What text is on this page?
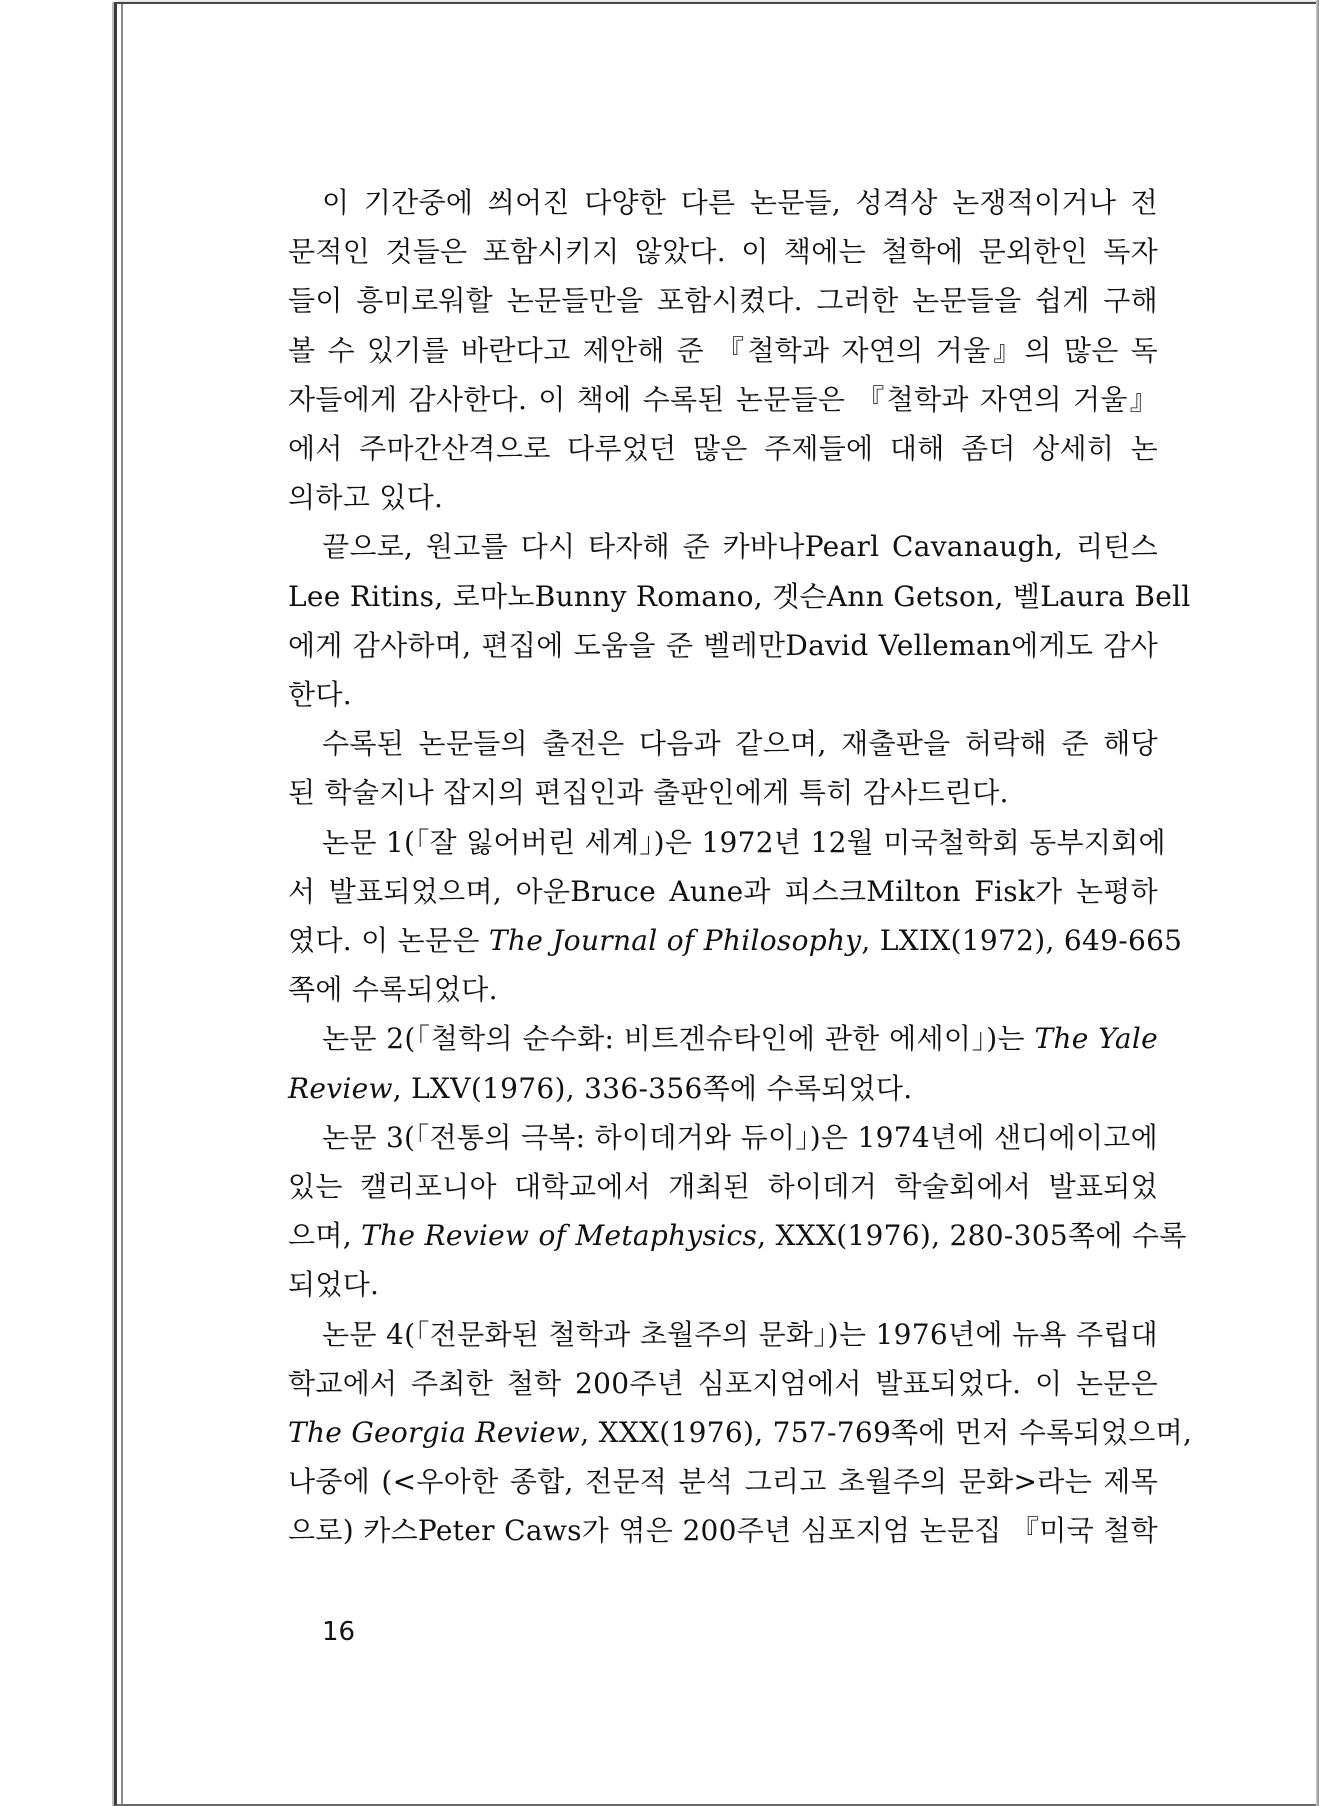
이 기간중에 씌어진 다양한 다른 논문들, 성격상 논쟁적이거나 전
문적인 것들은 포함시키지 않았다. 이 책에는 철학에 문외한인 독자
들이 흥미로워할 논문들만을 포함시켰다. 그러한 논문들을 쉽게 구해
볼 수 있기를 바란다고 제안해 준 『철학과 자연의 거울』의 많은 독
자들에게 감사한다. 이 책에 수록된 논문들은 『철학과 자연의 거울』
에서 주마간산격으로 다루었던 많은 주제들에 대해 좀더 상세히 논
의하고 있다.

끝으로, 원고를 다시 타자해 준 카바나Pearl Cavanaugh, 리틴스
Lee Ritins, 로마노Bunny Romano, 겟슨Ann Getson, 벨Laura Bell
에게 감사하며, 편집에 도움을 준 벨레만David Velleman에게도 감사
한다.

수록된 논문들의 출전은 다음과 같으며, 재출판을 허락해 준 해당
된 학술지나 잡지의 편집인과 출판인에게 특히 감사드린다.

논문 1(「잘 잃어버린 세계」)은 1972년 12월 미국철학회 동부지회에
서 발표되었으며, 아운Bruce Aune과 피스크Milton Fisk가 논평하
였다. 이 논문은 The Journal of Philosophy, LXIX(1972), 649-665
쪽에 수록되었다.

논문 2(「철학의 순수화: 비트겐슈타인에 관한 에세이」)는 The Yale
Review, LXV(1976), 336-356쪽에 수록되었다.

논문 3(「전통의 극복: 하이데거와 듀이」)은 1974년에 샌디에이고에
있는 캘리포니아 대학교에서 개최된 하이데거 학술회에서 발표되었
으며, The Review of Metaphysics, XXX(1976), 280-305쪽에 수록
되었다.

논문 4(「전문화된 철학과 초월주의 문화」)는 1976년에 뉴욕 주립대
학교에서 주최한 철학 200주년 심포지엄에서 발표되었다. 이 논문은
The Georgia Review, XXX(1976), 757-769쪽에 먼저 수록되었으며,
나중에 (<우아한 종합, 전문적 분석 그리고 초월주의 문화>라는 제목
으로) 카스Peter Caws가 엮은 200주년 심포지엄 논문집 『미국 철학

16
